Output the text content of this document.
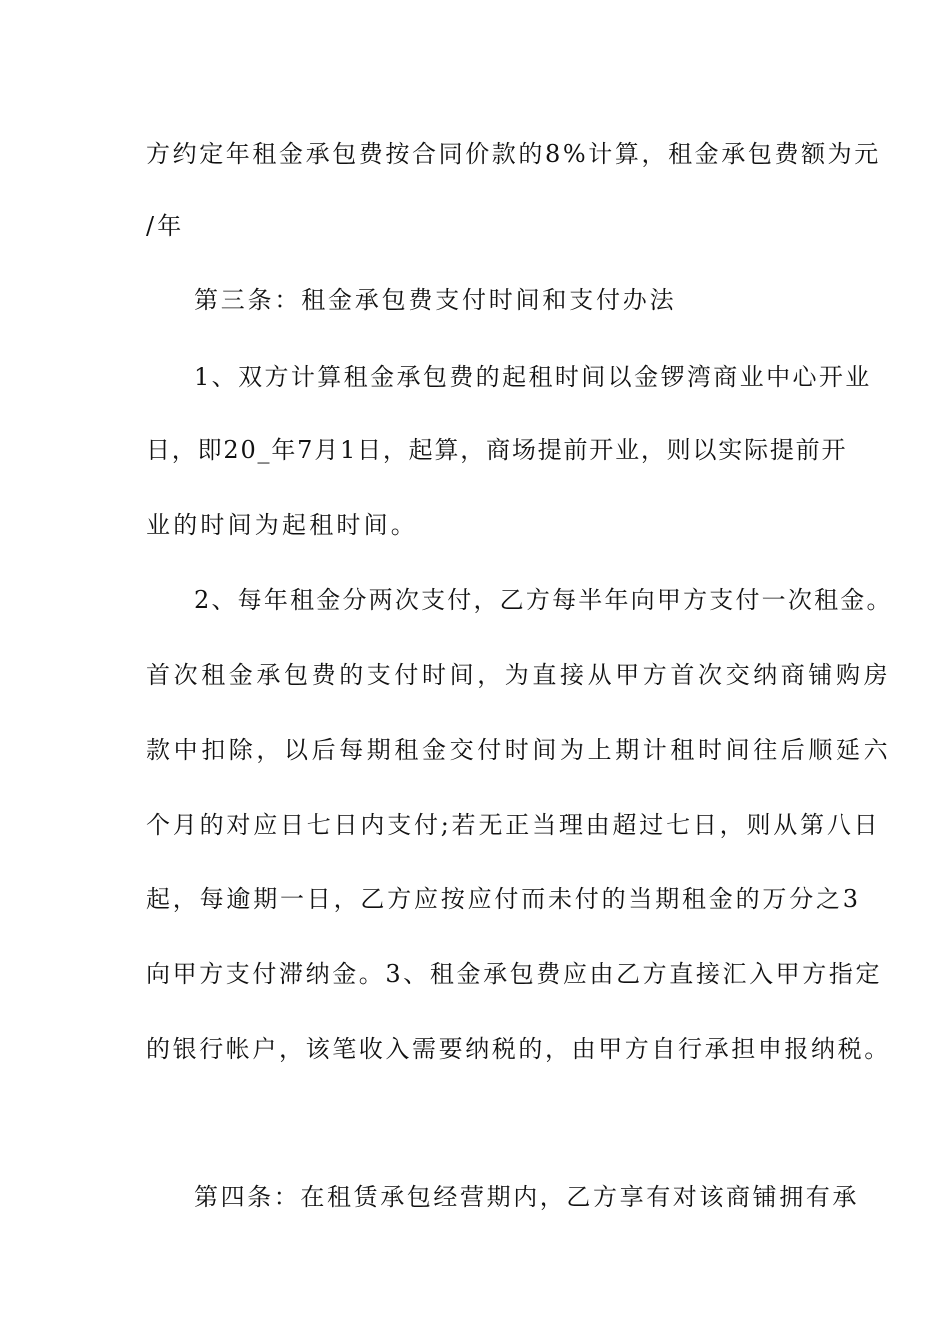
方约定年租金承包费按合同价款的8%计算，租金承包费额为元
/年
第三条：租金承包费支付时间和支付办法
1、双方计算租金承包费的起租时间以金锣湾商业中心开业
日，即20_年7月1日，起算，商场提前开业，则以实际提前开
业的时间为起租时间。
2、每年租金分两次支付，乙方每半年向甲方支付一次租金。
首次租金承包费的支付时间，为直接从甲方首次交纳商铺购房
款中扣除，以后每期租金交付时间为上期计租时间往后顺延六
个月的对应日七日内支付;若无正当理由超过七日，则从第八日
起，每逾期一日，乙方应按应付而未付的当期租金的万分之3
向甲方支付滞纳金。3、租金承包费应由乙方直接汇入甲方指定
的银行帐户，该笔收入需要纳税的，由甲方自行承担申报纳税。
第四条：在租赁承包经营期内，乙方享有对该商铺拥有承
